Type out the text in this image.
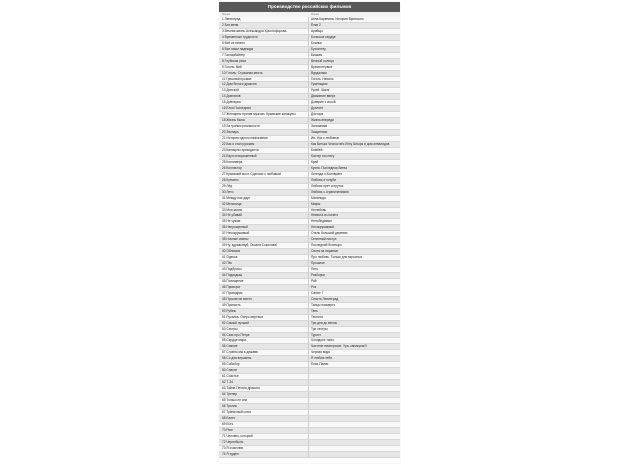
Производство российских фильмов
Фильм	Фильм
1 Ленинград	Анна Каренина. История Вронского
2 Без меня	Ёлки 2
3 Вечная жизнь Александра Христофорова	Арийцы
4 Временные трудности	Большое сердце
5 Всё из ничего	Бланка
6 Все наши надежды	Бухгалтер
7 Гастарбайтер	Бишкек
8 Глубокая река	Вечный солнца
9 Гоголь. Вий	Время первых
10 Гоголь. Страшная месть	Вурдалаки
11 Грешный промах	Гоголь. Начало
12 Дом белого дракона	Гуменщики
13 Донской	Гусей. Шагаг
14 Довлатов	Движение вверх
15 Довлерка	Доверие с косой
16 Елка Последняя	Дуэлянт
17 Женщины против мужчин. Крымские каникулы	Доктора
18 Жизнь была	Жизнь впереди
19 За гранью реальности	Заложники
20 Звонарь	Защитники
21 История одного назначения	Ив. Ура с любовью
22 Как я стал русским	Как Витька Чеснок вёз Лёху Штыря в дом инвалидов
23 Каникулы президента	Бомбей
24 Карп отмороженный	Костер на снегу
25 Когнимера	Край
26 Коллектор	Кухня. Последняя битва
27 Крымский мост. Сделано с любовью!	Легенда о Коловрате
28 Купчино	Любовь и голуби
29 Лёд	Любовь прет и прутся
30 Лето	Любовь с ограничениями
31 Между нас двух	Матильда
32 Мельница	Мифы
33 Моя жизнь	Нелюбовь
34 Не убивай	Невеста из ничего
35 Не чужие	Непобедимые
36 Непрощенный	Несокрушимый
37 Несокрушимый	Отель большой деревни
38 Ночные смены	Огненный пастух
39 Ну, здравствуй, Оксана Соколова!	Последний богатырь
40 Обломов	Охота на пиранью
41 Одесса	Про любовь. Только для взрослых
42 Пёс	Прошлое
43 Подбросы	Пять
44 Подкидыш	Разборки
45 Похищение	Рай
46 Приворот	Рок
47 Проводник	Салют 7
48 Проклятое место	Спасти Ленинград
49 Пропасть	Танцы насмерть
50 Рубеж	Тень
51 Русалка. Озеро мертвых	Теснота
52 Самый лучший	Три дня до весны
53 Сестры	Три сестры
54 Сказ про Петра	Турист
55 Сердце мира	Холодное танго
56 Сияние	Частное пионерское. Ура, каникулы!!!
57 Словно мы в дежавю	Черная вода
58 Со дна вершины	Я люблю тебя
59 Собибор	Ёлки-Палки
60 Спасти
61 Счастье
62 Т-34
63 Тайна Печати дракона
64 Тренер
65 Только не они
66 Тролль
67 Тряпичный союз
68 Балет
69 Есть
70 Рим
71 Человек, который
72 Чернобыль
73 Я счастлив
74 Я худею
